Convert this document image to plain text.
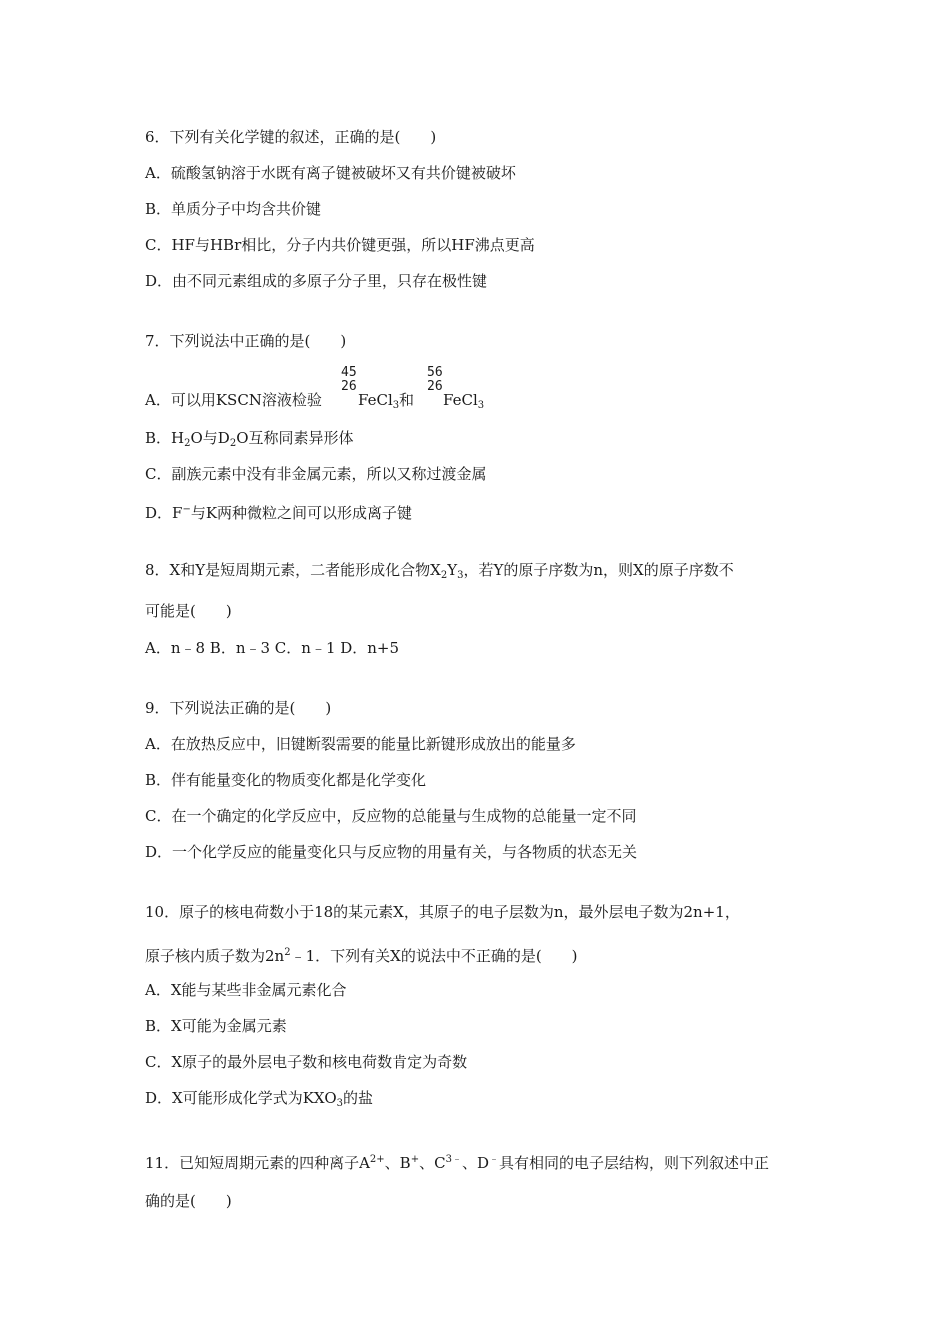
6．下列有关化学键的叙述，正确的是(　　)
A．硫酸氢钠溶于水既有离子键被破坏又有共价键被破坏
B．单质分子中均含共价键
C．HF与HBr相比，分子内共价键更强，所以HF沸点更高
D．由不同元素组成的多原子分子里，只存在极性键
7．下列说法中正确的是(　　)
A．可以用KSCN溶液检验
45
26
FeCl$_3$ 和
56
26
FeCl$_3$
B．$H_2O$与$D_2O$互称同素异形体
C．副族元素中没有非金属元素，所以又称过渡金属
D．F−与K两种微粒之间可以形成离子键
8．X和Y是短周期元素，二者能形成化合物$X_2Y_3$，若Y的原子序数为n，则X的原子序数不
可能是(　　)
A．n﹣8 B．n﹣3 C．n﹣1 D．n+5
9．下列说法正确的是(　　)
A．在放热反应中，旧键断裂需要的能量比新键形成放出的能量多
B．伴有能量变化的物质变化都是化学变化
C．在一个确定的化学反应中，反应物的总能量与生成物的总能量一定不同
D．一个化学反应的能量变化只与反应物的用量有关，与各物质的状态无关
10．原子的核电荷数小于18的某元素X，其原子的电子层数为n，最外层电子数为2n+1，
原子核内质子数为$2n^2﹣1$．下列有关X的说法中不正确的是(　　)
A．X能与某些非金属元素化合
B．X可能为金属元素
C．X原子的最外层电子数和核电荷数肯定为奇数
D．X可能形成化学式为$KXO_3$的盐
11．已知短周期元素的四种离子$A^{2+}$、B+、$C^{3﹣}$、D﹣具有相同的电子层结构，则下列叙述中正
确的是(　　)
